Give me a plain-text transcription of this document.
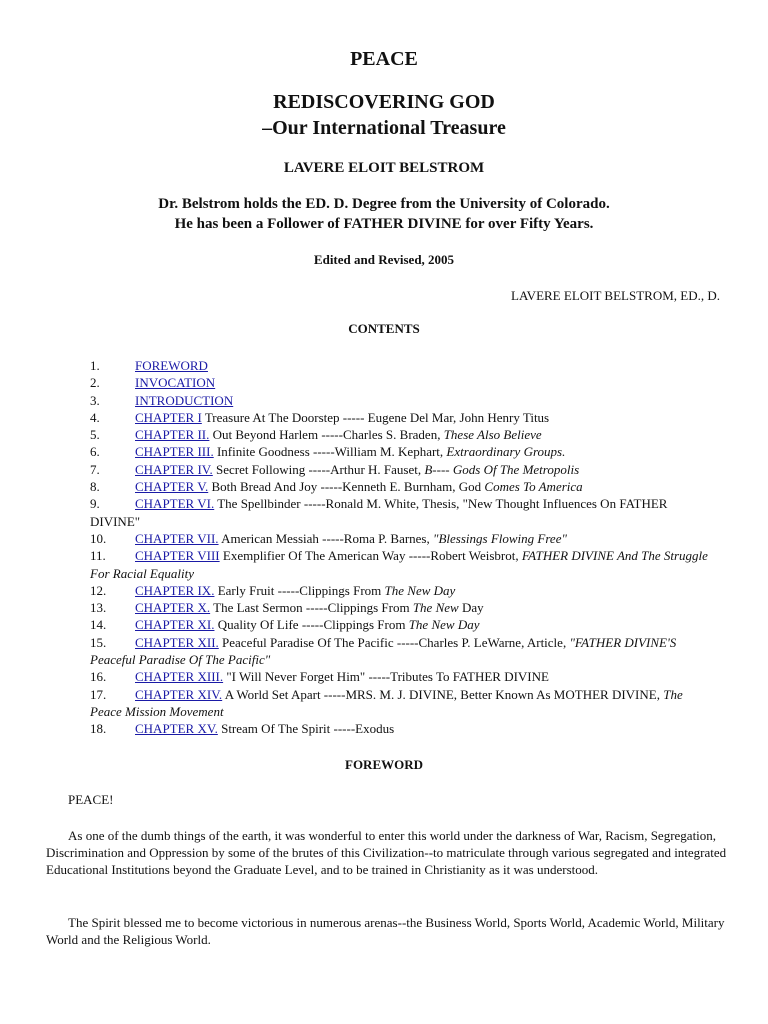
PEACE
REDISCOVERING GOD
–Our International Treasure
LAVERE ELOIT BELSTROM
Dr. Belstrom holds the ED. D. Degree from the University of Colorado.
He has been a Follower of FATHER DIVINE for over Fifty Years.
Edited and Revised, 2005
LAVERE ELOIT BELSTROM, ED., D.
CONTENTS
1.	FOREWORD
2.	INVOCATION
3.	INTRODUCTION
4.	CHAPTER I Treasure At The Doorstep ----- Eugene Del Mar, John Henry Titus
5.	CHAPTER II. Out Beyond Harlem -----Charles S. Braden, These Also Believe
6.	CHAPTER III. Infinite Goodness -----William M. Kephart, Extraordinary Groups.
7.	CHAPTER IV. Secret Following -----Arthur H. Fauset, B---- Gods Of The Metropolis
8.	CHAPTER V. Both Bread And Joy -----Kenneth E. Burnham, God Comes To America
9.	CHAPTER VI. The Spellbinder -----Ronald M. White, Thesis, "New Thought Influences On FATHER DIVINE"
10. CHAPTER VII. American Messiah -----Roma P. Barnes, "Blessings Flowing Free"
11. CHAPTER VIII Exemplifier Of The American Way -----Robert Weisbrot, FATHER DIVINE And The Struggle For Racial Equality
12. CHAPTER IX. Early Fruit -----Clippings From The New Day
13. CHAPTER X. The Last Sermon -----Clippings From The New Day
14. CHAPTER XI. Quality Of Life -----Clippings From The New Day
15. CHAPTER XII. Peaceful Paradise Of The Pacific -----Charles P. LeWarne, Article, "FATHER DIVINE'S Peaceful Paradise Of The Pacific"
16. CHAPTER XIII. "I Will Never Forget Him" -----Tributes To FATHER DIVINE
17. CHAPTER XIV. A World Set Apart -----MRS. M. J. DIVINE, Better Known As MOTHER DIVINE, The Peace Mission Movement
18. CHAPTER XV. Stream Of The Spirit -----Exodus
FOREWORD
PEACE!
As one of the dumb things of the earth, it was wonderful to enter this world under the darkness of War, Racism, Segregation, Discrimination and Oppression by some of the brutes of this Civilization--to matriculate through various segregated and integrated Educational Institutions beyond the Graduate Level, and to be trained in Christianity as it was understood.
The Spirit blessed me to become victorious in numerous arenas--the Business World, Sports World, Academic World, Military World and the Religious World.
